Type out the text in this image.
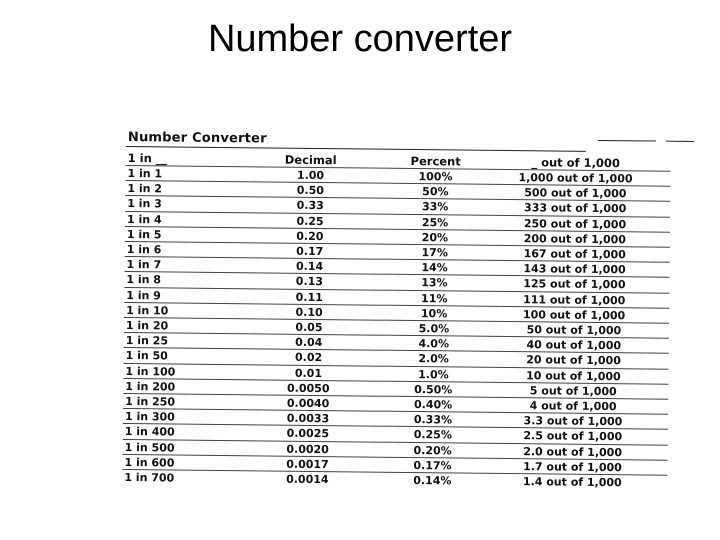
Number converter
Number Converter
1 in __	Decimal	Percent	_ out of 1,000
1 in 1	1.00	100%	1,000 out of 1,000
1 in 2	0.50	50%	500 out of 1,000
1 in 3	0.33	33%	333 out of 1,000
1 in 4	0.25	25%	250 out of 1,000
1 in 5	0.20	20%	200 out of 1,000
1 in 6	0.17	17%	167 out of 1,000
1 in 7	0.14	14%	143 out of 1,000
1 in 8	0.13	13%	125 out of 1,000
1 in 9	0.11	11%	111 out of 1,000
1 in 10	0.10	10%	100 out of 1,000
1 in 20	0.05	5.0%	50 out of 1,000
1 in 25	0.04	4.0%	40 out of 1,000
1 in 50	0.02	2.0%	20 out of 1,000
1 in 100	0.01	1.0%	10 out of 1,000
1 in 200	0.0050	0.50%	5 out of 1,000
1 in 250	0.0040	0.40%	4 out of 1,000
1 in 300	0.0033	0.33%	3.3 out of 1,000
1 in 400	0.0025	0.25%	2.5 out of 1,000
1 in 500	0.0020	0.20%	2.0 out of 1,000
1 in 600	0.0017	0.17%	1.7 out of 1,000
1 in 700	0.0014	0.14%	1.4 out of 1,000
